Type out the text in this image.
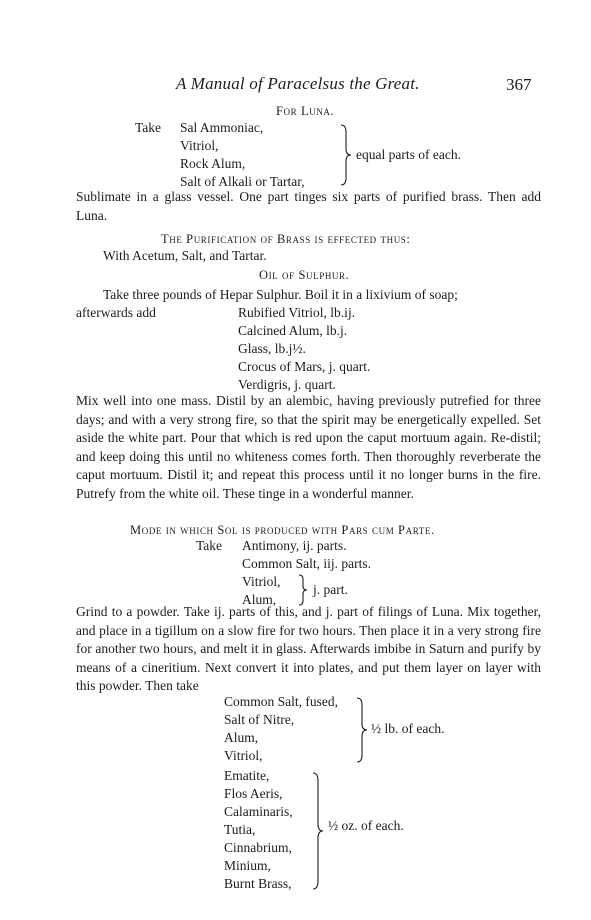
A Manual of Paracelsus the Great.	367
For Luna.
Take Sal Ammoniac,
Vitriol,
Rock Alum,
Salt of Alkali or Tartar,
equal parts of each.

Sublimate in a glass vessel. One part tinges six parts of purified brass. Then add Luna.

The Purification of Brass is effected thus:
With Acetum, Salt, and Tartar.
Oil of Sulphur.
Take three pounds of Hepar Sulphur. Boil it in a lixivium of soap;
afterwards add	Rubified Vitriol, lb.ij.
Calcined Alum, lb.j.
Glass, lb.j½.
Crocus of Mars, j. quart.
Verdigris, j. quart.

Mix well into one mass. Distil by an alembic, having previously putrefied for three days; and with a very strong fire, so that the spirit may be energetically expelled. Set aside the white part. Pour that which is red upon the caput mortuum again. Re-distil; and keep doing this until no whiteness comes forth. Then thoroughly reverberate the caput mortuum. Distil it; and repeat this process until it no longer burns in the fire. Putrefy from the white oil. These tinge in a wonderful manner.

Mode in which Sol is produced with Pars cum Parte.
Take Antimony, ij. parts.
Common Salt, iij. parts.
Vitriol,
Alum,
j. part.

Grind to a powder. Take ij. parts of this, and j. part of filings of Luna. Mix together, and place in a tigillum on a slow fire for two hours. Then place it in a very strong fire for another two hours, and melt it in glass. Afterwards imbibe in Saturn and purify by means of a cineritium. Next convert it into plates, and put them layer on layer with this powder. Then take

Common Salt, fused,
Salt of Nitre,
Alum,
Vitriol,
½ lb. of each.
Ematite,
Flos Aeris,
Calaminaris,
Tutia,
Cinnabrium,
Minium,
Burnt Brass,
½ oz. of each.
